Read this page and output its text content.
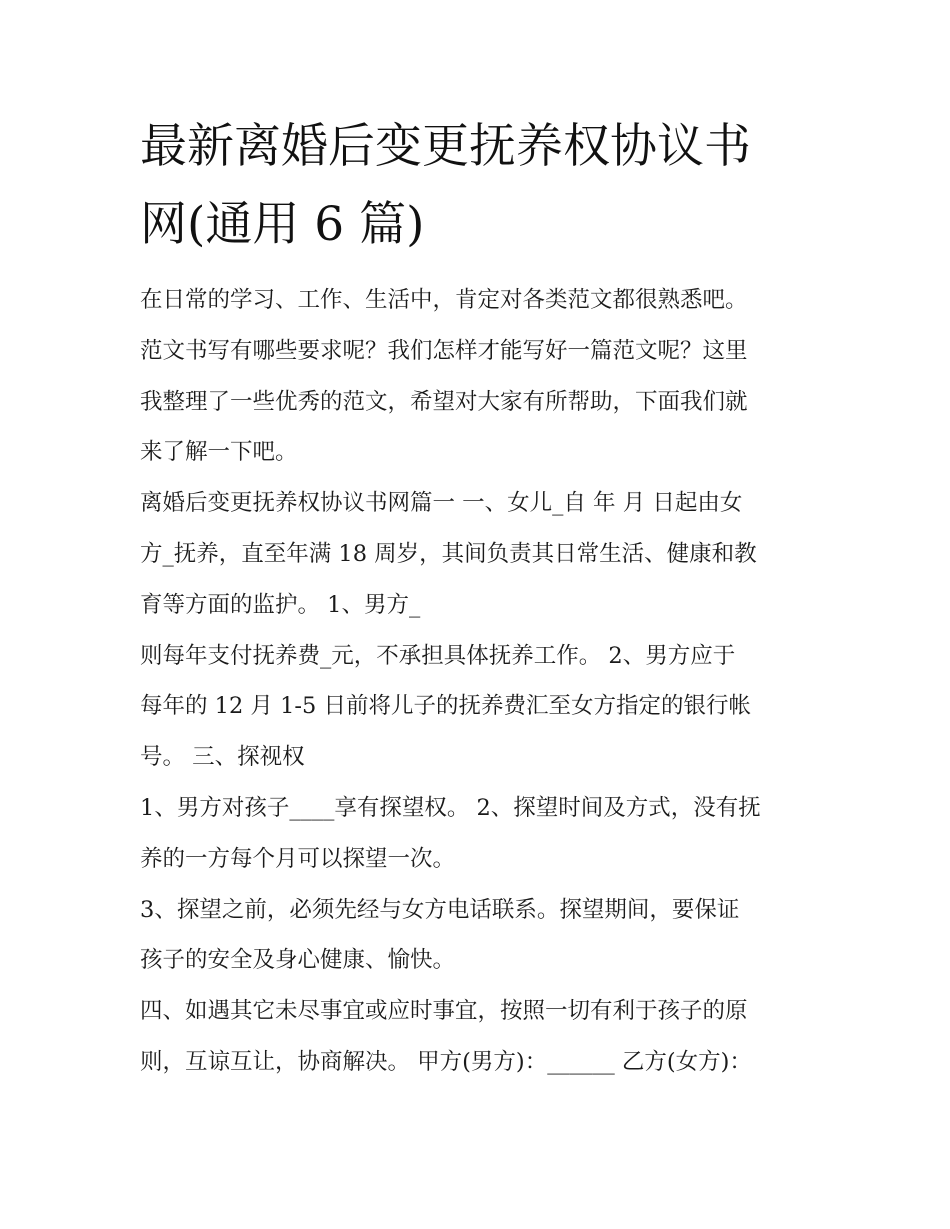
最新离婚后变更抚养权协议书
网(通用 6 篇)
在日常的学习、工作、生活中，肯定对各类范文都很熟悉吧。
范文书写有哪些要求呢？我们怎样才能写好一篇范文呢？这里
我整理了一些优秀的范文，希望对大家有所帮助，下面我们就
来了解一下吧。
离婚后变更抚养权协议书网篇一 一、女儿_自 年 月 日起由女
方_抚养，直至年满 18 周岁，其间负责其日常生活、健康和教
育等方面的监护。 1、男方_
则每年支付抚养费_元，不承担具体抚养工作。 2、男方应于
每年的 12 月 1-5 日前将儿子的抚养费汇至女方指定的银行帐
号。 三、探视权
1、男方对孩子____享有探望权。 2、探望时间及方式，没有抚
养的一方每个月可以探望一次。
3、探望之前，必须先经与女方电话联系。探望期间，要保证
孩子的安全及身心健康、愉快。
四、如遇其它未尽事宜或应时事宜，按照一切有利于孩子的原
则，互谅互让，协商解决。 甲方(男方)：______ 乙方(女方)：
